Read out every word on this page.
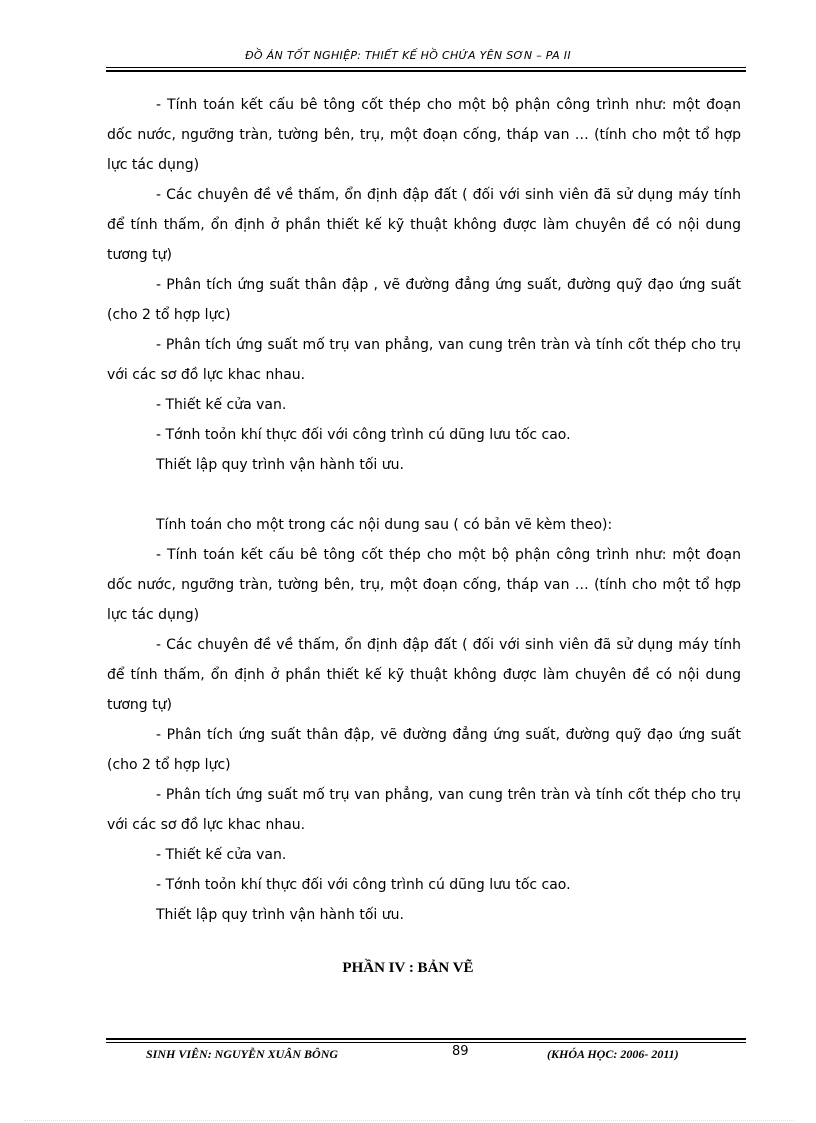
ĐỒ ÁN TỐT NGHIỆP: THIẾT KẾ HỒ CHỨA YÊN SƠN – PA II

- Tính toán kết cấu bê tông cốt thép cho một bộ phận công trình như: một đoạn dốc nước, ngưỡng tràn, tường bên, trụ, một đoạn cống, tháp van … (tính cho một tổ hợp lực tác dụng)

- Các chuyên đề về thấm, ổn định đập đất ( đối với sinh viên đã sử dụng máy tính để tính thấm, ổn định ở phần thiết kế kỹ thuật không được làm chuyên đề có nội dung tương tự)

- Phân tích ứng suất thân đập , vẽ đường đẳng ứng suất, đường quỹ đạo ứng suất (cho 2 tổ hợp lực)

- Phân tích ứng suất mố trụ van phẳng, van cung trên tràn và tính cốt thép cho trụ với các sơ đồ lực khac nhau.

- Thiết kế cửa van.

- Tớnh toỏn khí thực đối với công trình cú dũng lưu tốc cao.

Thiết lập quy trình vận hành tối ưu.

Tính toán cho một trong các nội dung sau ( có bản vẽ kèm theo):

- Tính toán kết cấu bê tông cốt thép cho một bộ phận công trình như: một đoạn dốc nước, ngưỡng tràn, tường bên, trụ, một đoạn cống, tháp van … (tính cho một tổ hợp lực tác dụng)

- Các chuyên đề về thấm, ổn định đập đất ( đối với sinh viên đã sử dụng máy tính để tính thấm, ổn định ở phần thiết kế kỹ thuật không được làm chuyên đề có nội dung tương tự)

- Phân tích ứng suất thân đập, vẽ đường đẳng ứng suất, đường quỹ đạo ứng suất (cho 2 tổ hợp lực)

- Phân tích ứng suất mố trụ van phẳng, van cung trên tràn và tính cốt thép cho trụ với các sơ đồ lực khac nhau.

- Thiết kế cửa van.

- Tớnh toỏn khí thực đối với công trình cú dũng lưu tốc cao.

Thiết lập quy trình vận hành tối ưu.

PHẦN IV : BẢN VẼ
SINH VIÊN: NGUYỄN XUÂN BÔNG	89	(KHÓA HỌC: 2006- 2011)
